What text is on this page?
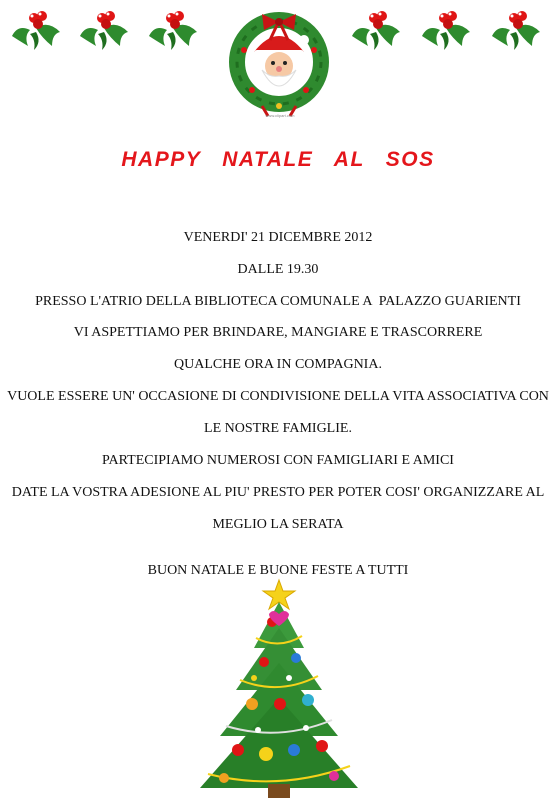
www.clipart.com
HAPPY NATALE AL SOS
VENERDI' 21 DICEMBRE 2012
DALLE 19.30
PRESSO L'ATRIO DELLA BIBLIOTECA COMUNALE A  PALAZZO GUARIENTI
VI ASPETTIAMO PER BRINDARE, MANGIARE E TRASCORRERE
QUALCHE ORA IN COMPAGNIA.
VUOLE ESSERE UN' OCCASIONE DI CONDIVISIONE DELLA VITA ASSOCIATIVA CON
LE NOSTRE FAMIGLIE.
PARTECIPIAMO NUMEROSI CON FAMIGLIARI E AMICI
DATE LA VOSTRA ADESIONE AL PIU' PRESTO PER POTER COSI' ORGANIZZARE AL
MEGLIO LA SERATA
BUON NATALE E BUONE FESTE A TUTTI
